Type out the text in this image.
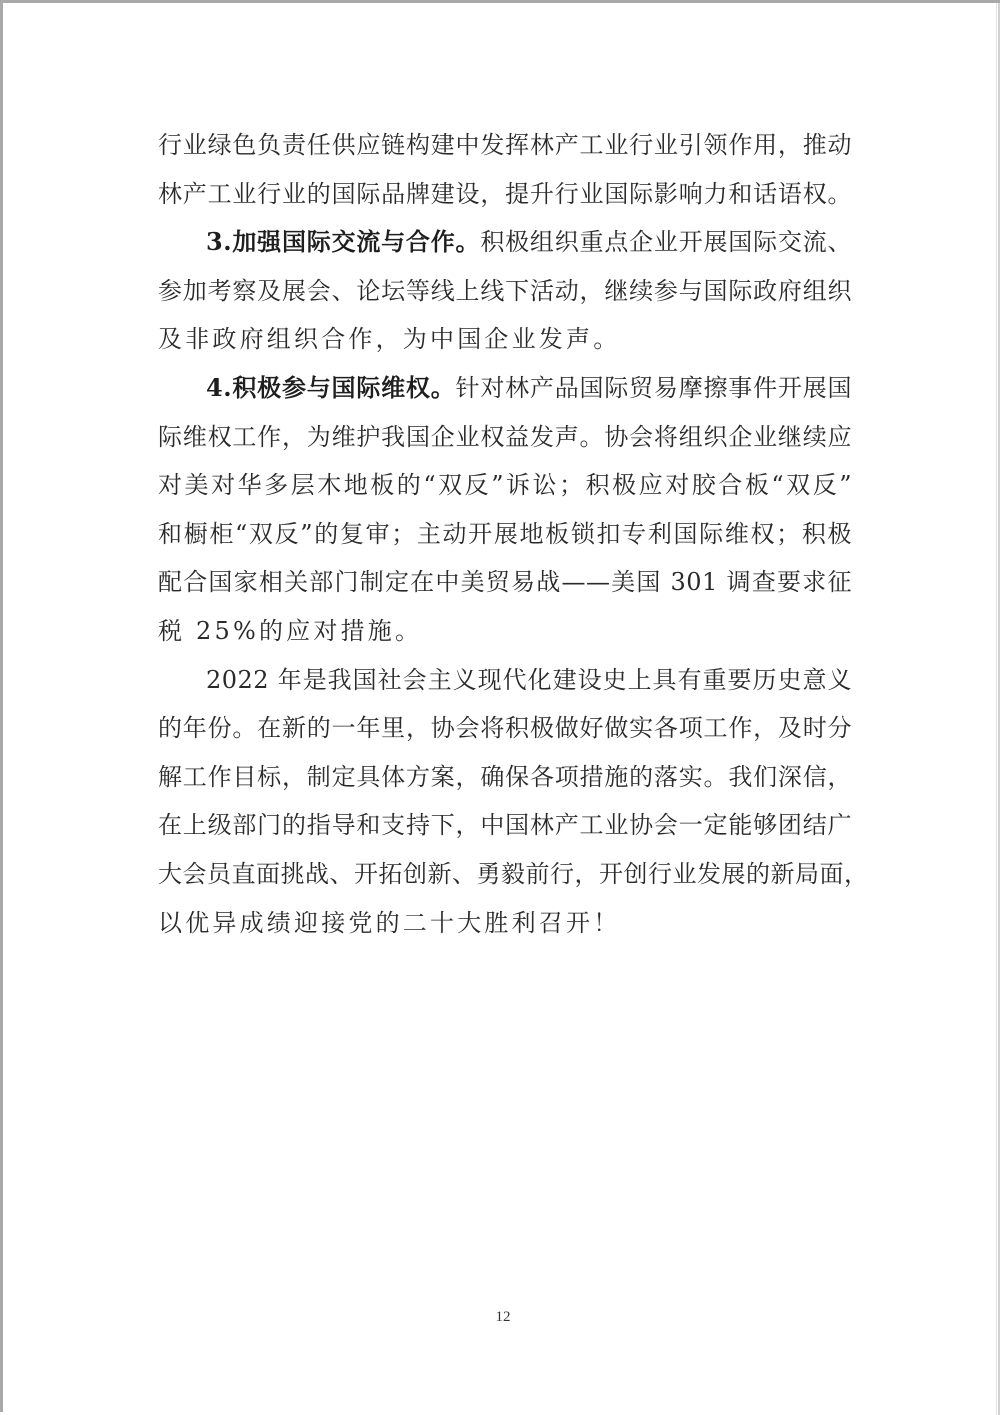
行业绿色负责任供应链构建中发挥林产工业行业引领作用，推动
林产工业行业的国际品牌建设，提升行业国际影响力和话语权。
3.加强国际交流与合作。积极组织重点企业开展国际交流、
参加考察及展会、论坛等线上线下活动，继续参与国际政府组织
及非政府组织合作，为中国企业发声。
4.积极参与国际维权。针对林产品国际贸易摩擦事件开展国
际维权工作，为维护我国企业权益发声。协会将组织企业继续应
对美对华多层木地板的“双反”诉讼；积极应对胶合板“双反”
和橱柜“双反”的复审；主动开展地板锁扣专利国际维权；积极
配合国家相关部门制定在中美贸易战——美国 301 调查要求征
税 25%的应对措施。
2022 年是我国社会主义现代化建设史上具有重要历史意义
的年份。在新的一年里，协会将积极做好做实各项工作，及时分
解工作目标，制定具体方案，确保各项措施的落实。我们深信，
在上级部门的指导和支持下，中国林产工业协会一定能够团结广
大会员直面挑战、开拓创新、勇毅前行，开创行业发展的新局面，
以优异成绩迎接党的二十大胜利召开！
12
